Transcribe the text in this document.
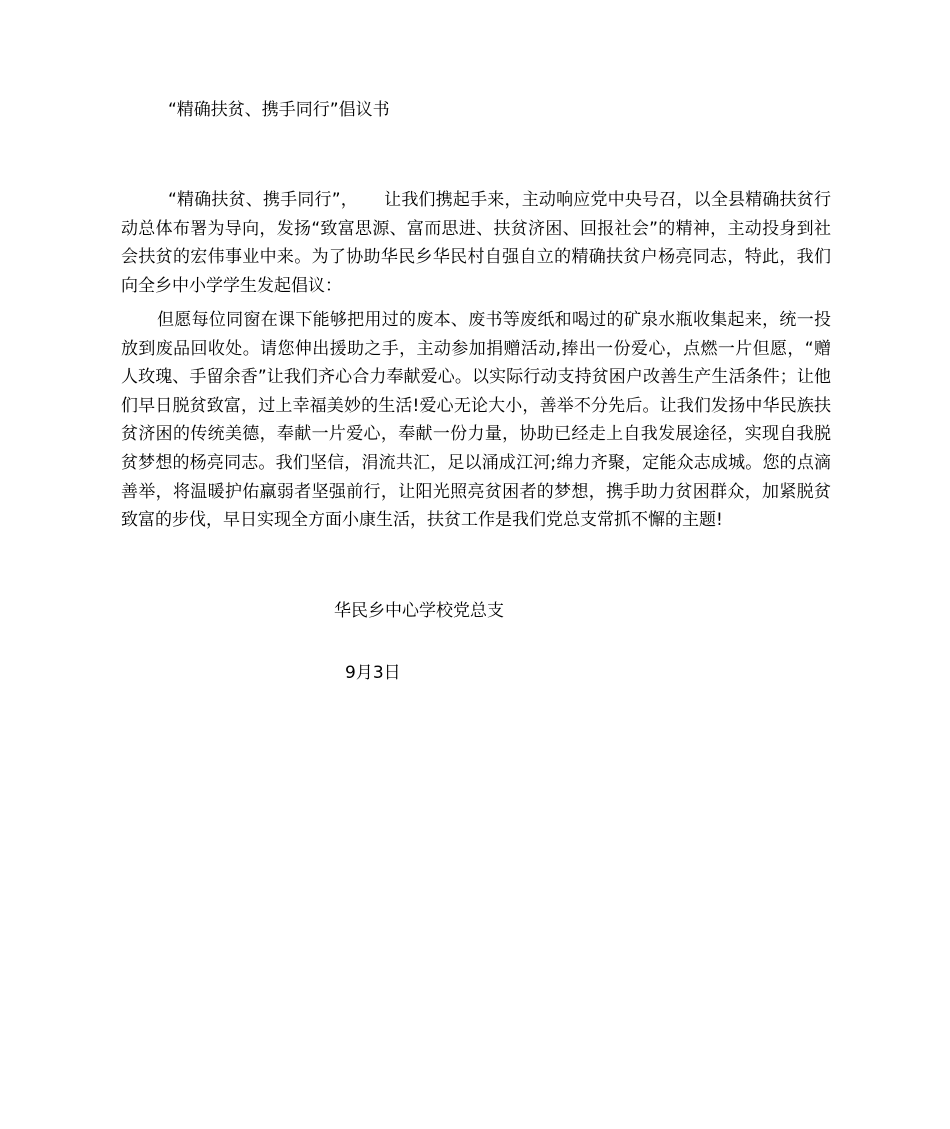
“精确扶贫、携手同行”倡议书

“精确扶贫、携手同行”， 让我们携起手来，主动响应党中央号召，以全县精确扶贫行动总体布署为导向，发扬“致富思源、富而思进、扶贫济困、回报社会”的精神，主动投身到社会扶贫的宏伟事业中来。为了协助华民乡华民村自强自立的精确扶贫户杨亮同志，特此，我们向全乡中小学学生发起倡议：

但愿每位同窗在课下能够把用过的废本、废书等废纸和喝过的矿泉水瓶收集起来，统一投放到废品回收处。请您伸出援助之手，主动参加捐赠活动,捧出一份爱心，点燃一片但愿，“赠人玫瑰、手留余香”让我们齐心合力奉献爱心。以实际行动支持贫困户改善生产生活条件；让他们早日脱贫致富，过上幸福美妙的生活!爱心无论大小，善举不分先后。让我们发扬中华民族扶贫济困的传统美德，奉献一片爱心，奉献一份力量，协助已经走上自我发展途径，实现自我脱贫梦想的杨亮同志。我们坚信，涓流共汇，足以涌成江河;绵力齐聚，定能众志成城。您的点滴善举，将温暖护佑羸弱者坚强前行，让阳光照亮贫困者的梦想，携手助力贫困群众，加紧脱贫致富的步伐，早日实现全方面小康生活，扶贫工作是我们党总支常抓不懈的主题!

华民乡中心学校党总支
9月3日
